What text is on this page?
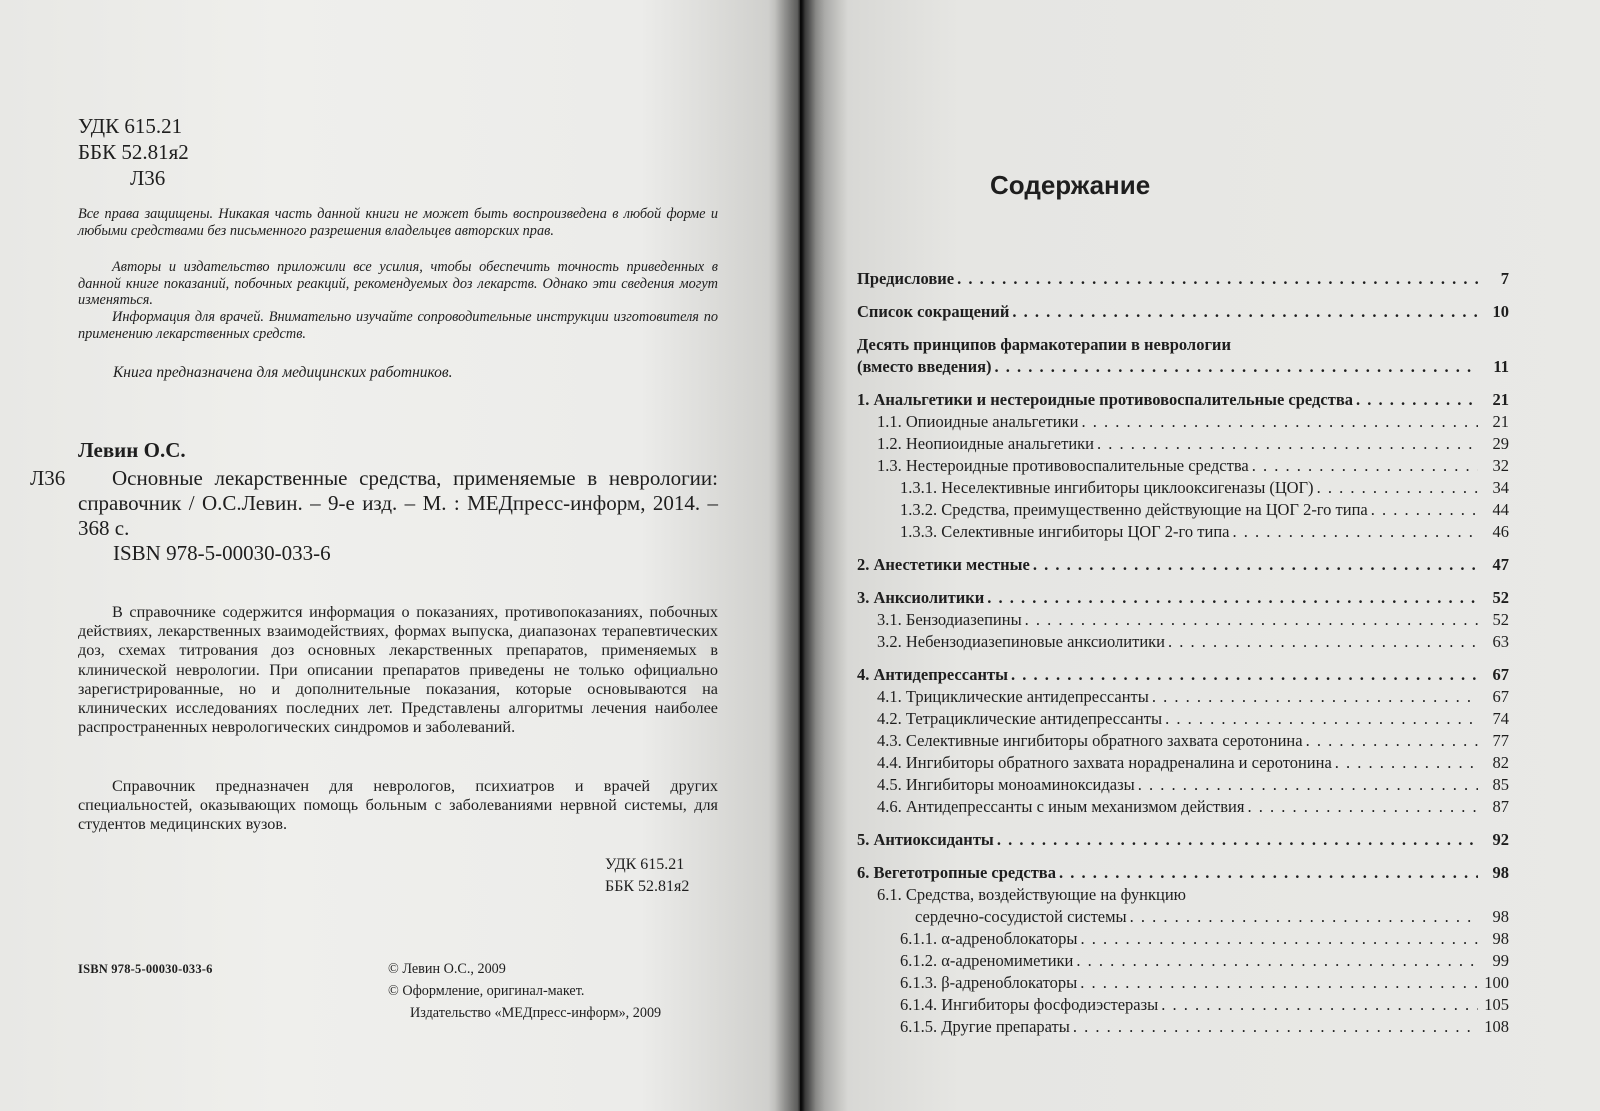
УДК 615.21
ББК 52.81я2
Л36
Все права защищены. Никакая часть данной книги не может быть воспроизведена в любой форме и любыми средствами без письменного разрешения владельцев авторских прав.
Авторы и издательство приложили все усилия, чтобы обеспечить точность приведенных в данной книге показаний, побочных реакций, рекомендуемых доз лекарств. Однако эти сведения могут изменяться.
Информация для врачей. Внимательно изучайте сопроводительные инструкции изготовителя по применению лекарственных средств.
Книга предназначена для медицинских работников.
Левин О.С.
Л36	Основные лекарственные средства, применяемые в неврологии: справочник / О.С.Левин. – 9-е изд. – М. : МЕДпресс-информ, 2014. – 368 с.
ISBN 978-5-00030-033-6
В справочнике содержится информация о показаниях, противопоказаниях, побочных действиях, лекарственных взаимодействиях, формах выпуска, диапазонах терапевтических доз, схемах титрования доз основных лекарственных препаратов, применяемых в клинической неврологии. При описании препаратов приведены не только официально зарегистрированные, но и дополнительные показания, которые основываются на клинических исследованиях последних лет. Представлены алгоритмы лечения наиболее распространенных неврологических синдромов и заболеваний.
Справочник предназначен для неврологов, психиатров и врачей других специальностей, оказывающих помощь больным с заболеваниями нервной системы, для студентов медицинских вузов.
УДК 615.21
ББК 52.81я2
ISBN 978-5-00030-033-6	© Левин О.С., 2009
© Оформление, оригинал-макет.
Издательство «МЕДпресс-информ», 2009
Содержание
Предисловие . . .	7
Список сокращений . . .	10
Десять принципов фармакотерапии в неврологии
(вместо введения) . . .	11
1. Анальгетики и нестероидные противовоспалительные средства . . .	21
1.1. Опиоидные анальгетики . . .	21
1.2. Неопиоидные анальгетики . . .	29
1.3. Нестероидные противовоспалительные средства . . .	32
1.3.1. Неселективные ингибиторы циклооксигеназы (ЦОГ) . . .	34
1.3.2. Средства, преимущественно действующие на ЦОГ 2-го типа . . .	44
1.3.3. Селективные ингибиторы ЦОГ 2-го типа . . .	46
2. Анестетики местные . . .	47
3. Анксиолитики . . .	52
3.1. Бензодиазепины . . .	52
3.2. Небензодиазепиновые анксиолитики . . .	63
4. Антидепрессанты . . .	67
4.1. Трициклические антидепрессанты . . .	67
4.2. Тетрациклические антидепрессанты . . .	74
4.3. Селективные ингибиторы обратного захвата серотонина . . .	77
4.4. Ингибиторы обратного захвата норадреналина и серотонина . . .	82
4.5. Ингибиторы моноаминоксидазы . . .	85
4.6. Антидепрессанты с иным механизмом действия . . .	87
5. Антиоксиданты . . .	92
6. Вегетотропные средства . . .	98
6.1. Средства, воздействующие на функцию
сердечно-сосудистой системы . . .	98
6.1.1. α-адреноблокаторы . . .	98
6.1.2. α-адреномиметики . . .	99
6.1.3. β-адреноблокаторы . . .	100
6.1.4. Ингибиторы фосфодиэстеразы . . .	105
6.1.5. Другие препараты . . .	108
